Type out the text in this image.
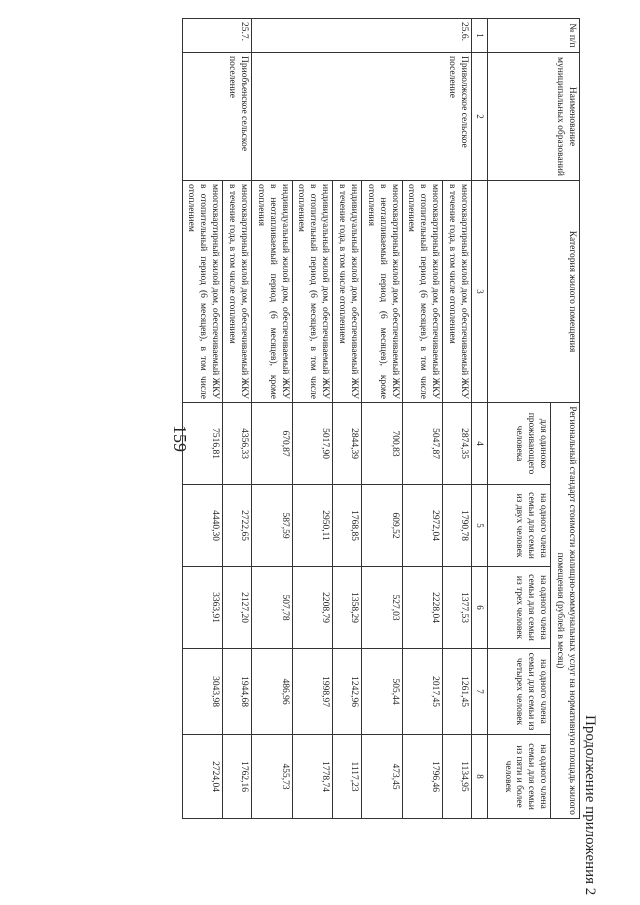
159
Продолжение приложения 2
№ п/п	Наименование муниципальных образований	Категория жилого помещения	Региональный стандарт стоимости жилищно-коммунальных услуг на нормативную площадь жилого помещения (рублей в месяц)				
			для одиноко проживающего человека	на одного члена семьи для семьи из двух человек	на одного члена семьи для семьи из трех человек	на одного члена семьи для семьи из четырех человек	на одного члена семьи для семьи из пяти и более человек
1	2	3	4	5	6	7	8
25.6.	Приволжское сельское поселение	многоквартирный жилой дом, обеспечиваемый ЖКУ в течение года, в том числе отоплением	2874,35	1790,78	1377,53	1261,45	1134,95
		многоквартирный жилой дом, обеспечиваемый ЖКУ в отопительный период (6 месяцев), в том числе отоплением	5047,87	2972,04	2228,04	2017,45	1796,46
		многоквартирный жилой дом, обеспечиваемый ЖКУ в неотапливаемый период (6 месяцев), кроме отопления	700,83	609,52	527,03	505,44	473,45
		индивидуальный жилой дом, обеспечиваемый ЖКУ в течение года, в том числе отоплением	2844,39	1768,85	1358,29	1242,96	1117,23
		индивидуальный жилой дом, обеспечиваемый ЖКУ в отопительный период (6 месяцев), в том числе отоплением	5017,90	2950,11	2208,79	1998,97	1778,74
		индивидуальный жилой дом, обеспечиваемый ЖКУ в неотапливаемый период (6 месяцев), кроме отопления	670,87	587,59	507,78	486,96	455,73
25.7.	Приобъенское сельское поселение	многоквартирный жилой дом, обеспечиваемый ЖКУ в течение года, в том числе отоплением	4356,33	2722,65	2127,20	1944,68	1762,16
		многоквартирный жилой дом, обеспечиваемый ЖКУ в отопительный период (6 месяцев), в том числе отоплением	7516,81	4440,30	3363,91	3043,98	2724,04
